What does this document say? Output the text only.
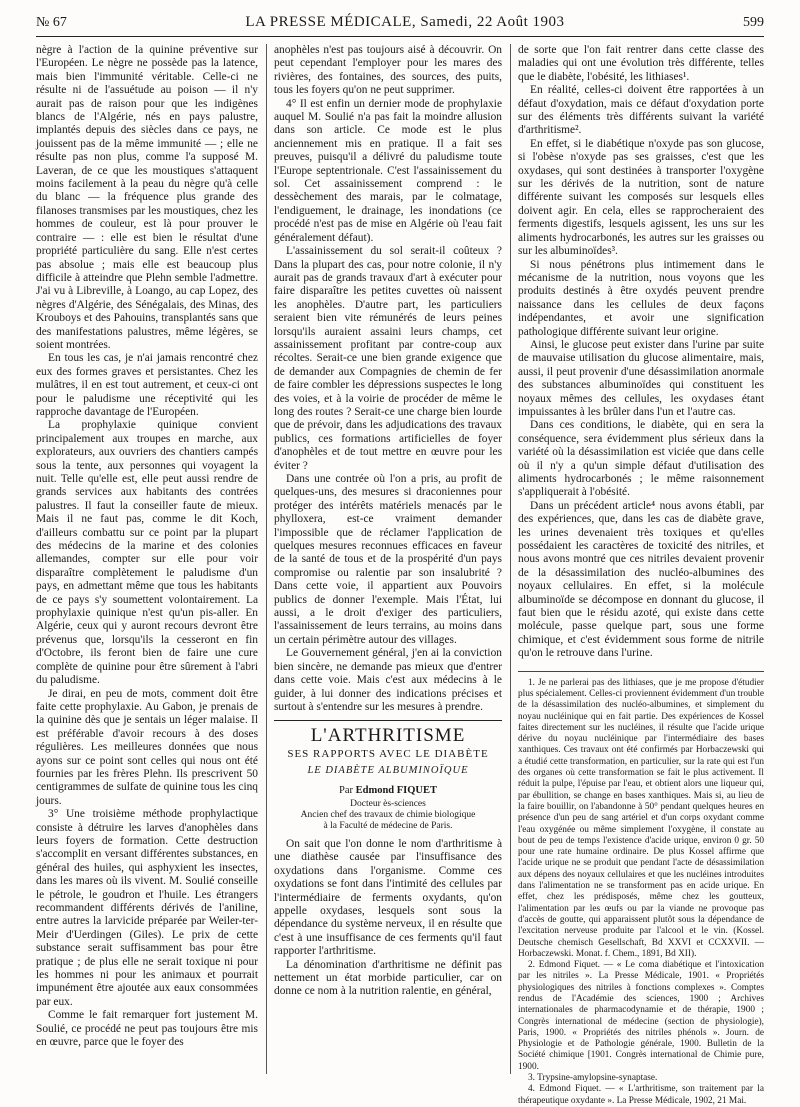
№ 67	LA PRESSE MÉDICALE, Samedi, 22 Août 1903	599

nègre à l'action de la quinine préventive sur l'Européen. Le nègre ne possède pas la latence, mais bien l'immunité véritable. Celle-ci ne résulte ni de l'assuétude au poison — il n'y aurait pas de raison pour que les indigènes blancs de l'Algérie, nés en pays palustre, implantés depuis des siècles dans ce pays, ne jouissent pas de la même immunité — ; elle ne résulte pas non plus, comme l'a supposé M. Laveran, de ce que les moustiques s'attaquent moins facilement à la peau du nègre qu'à celle du blanc — la fréquence plus grande des filanoses transmises par les moustiques, chez les hommes de couleur, est là pour prouver le contraire — : elle est bien le résultat d'une propriété particulière du sang. Elle n'est certes pas absolue ; mais elle est beaucoup plus difficile à atteindre que Plehn semble l'admettre. J'ai vu à Libreville, à Loango, au cap Lopez, des nègres d'Algérie, des Sénégalais, des Minas, des Krouboys et des Pahouins, transplantés sans que des manifestations palustres, même légères, se soient montrées.

En tous les cas, je n'ai jamais rencontré chez eux des formes graves et persistantes. Chez les mulâtres, il en est tout autrement, et ceux-ci ont pour le paludisme une réceptivité qui les rapproche davantage de l'Européen.

La prophylaxie quinique convient principalement aux troupes en marche, aux explorateurs, aux ouvriers des chantiers campés sous la tente, aux personnes qui voyagent la nuit. Telle qu'elle est, elle peut aussi rendre de grands services aux habitants des contrées palustres. Il faut la conseiller faute de mieux. Mais il ne faut pas, comme le dit Koch, d'ailleurs combattu sur ce point par la plupart des médecins de la marine et des colonies allemandes, compter sur elle pour voir disparaître complètement le paludisme d'un pays, en admettant même que tous les habitants de ce pays s'y soumettent volontairement. La prophylaxie quinique n'est qu'un pis-aller. En Algérie, ceux qui y auront recours devront être prévenus que, lorsqu'ils la cesseront en fin d'Octobre, ils feront bien de faire une cure complète de quinine pour être sûrement à l'abri du paludisme.

Je dirai, en peu de mots, comment doit être faite cette prophylaxie. Au Gabon, je prenais de la quinine dès que je sentais un léger malaise. Il est préférable d'avoir recours à des doses régulières. Les meilleures données que nous ayons sur ce point sont celles qui nous ont été fournies par les frères Plehn. Ils prescrivent 50 centigrammes de sulfate de quinine tous les cinq jours.

3° Une troisième méthode prophylactique consiste à détruire les larves d'anophèles dans leurs foyers de formation. Cette destruction s'accomplit en versant différentes substances, en général des huiles, qui asphyxient les insectes, dans les mares où ils vivent. M. Soulié conseille le pétrole, le goudron et l'huile. Les étrangers recommandent différents dérivés de l'aniline, entre autres la larvicide préparée par Weiler-ter-Meir d'Uerdingen (Giles). Le prix de cette substance serait suffisamment bas pour être pratique ; de plus elle ne serait toxique ni pour les hommes ni pour les animaux et pourrait impunément être ajoutée aux eaux consommées par eux.

Comme le fait remarquer fort justement M. Soulié, ce procédé ne peut pas toujours être mis en œuvre, parce que le foyer des

anophèles n'est pas toujours aisé à découvrir. On peut cependant l'employer pour les mares des rivières, des fontaines, des sources, des puits, tous les foyers qu'on ne peut supprimer.

4° Il est enfin un dernier mode de prophylaxie auquel M. Soulié n'a pas fait la moindre allusion dans son article. Ce mode est le plus anciennement mis en pratique. Il a fait ses preuves, puisqu'il a délivré du paludisme toute l'Europe septentrionale. C'est l'assainissement du sol. Cet assainissement comprend : le dessèchement des marais, par le colmatage, l'endiguement, le drainage, les inondations (ce procédé n'est pas de mise en Algérie où l'eau fait généralement défaut).

L'assainissement du sol serait-il coûteux ? Dans la plupart des cas, pour notre colonie, il n'y aurait pas de grands travaux d'art à exécuter pour faire disparaître les petites cuvettes où naissent les anophèles. D'autre part, les particuliers seraient bien vite rémunérés de leurs peines lorsqu'ils auraient assaini leurs champs, cet assainissement profitant par contre-coup aux récoltes. Serait-ce une bien grande exigence que de demander aux Compagnies de chemin de fer de faire combler les dépressions suspectes le long des voies, et à la voirie de procéder de même le long des routes ? Serait-ce une charge bien lourde que de prévoir, dans les adjudications des travaux publics, ces formations artificielles de foyer d'anophèles et de tout mettre en œuvre pour les éviter ?

Dans une contrée où l'on a pris, au profit de quelques-uns, des mesures si draconiennes pour protéger des intérêts matériels menacés par le phylloxera, est-ce vraiment demander l'impossible que de réclamer l'application de quelques mesures reconnues efficaces en faveur de la santé de tous et de la prospérité d'un pays compromise ou ralentie par son insalubrité ? Dans cette voie, il appartient aux Pouvoirs publics de donner l'exemple. Mais l'État, lui aussi, a le droit d'exiger des particuliers, l'assainissement de leurs terrains, au moins dans un certain périmètre autour des villages.

Le Gouvernement général, j'en ai la conviction bien sincère, ne demande pas mieux que d'entrer dans cette voie. Mais c'est aux médecins à le guider, à lui donner des indications précises et surtout à s'entendre sur les mesures à prendre.

L'ARTHRITISME
SES RAPPORTS AVEC LE DIABÈTE
LE DIABÈTE ALBUMINOÏQUE
Par Edmond FIQUET
Docteur ès-sciences
Ancien chef des travaux de chimie biologique
à la Faculté de médecine de Paris.

On sait que l'on donne le nom d'arthritisme à une diathèse causée par l'insuffisance des oxydations dans l'organisme. Comme ces oxydations se font dans l'intimité des cellules par l'intermédiaire de ferments oxydants, qu'on appelle oxydases, lesquels sont sous la dépendance du système nerveux, il en résulte que c'est à une insuffisance de ces ferments qu'il faut rapporter l'arthritisme.

La dénomination d'arthritisme ne définit pas nettement un état morbide particulier, car on donne ce nom à la nutrition ralentie, en général,

de sorte que l'on fait rentrer dans cette classe des maladies qui ont une évolution très différente, telles que le diabète, l'obésité, les lithiases¹.

En réalité, celles-ci doivent être rapportées à un défaut d'oxydation, mais ce défaut d'oxydation porte sur des éléments très différents suivant la variété d'arthritisme².

En effet, si le diabétique n'oxyde pas son glucose, si l'obèse n'oxyde pas ses graisses, c'est que les oxydases, qui sont destinées à transporter l'oxygène sur les dérivés de la nutrition, sont de nature différente suivant les composés sur lesquels elles doivent agir. En cela, elles se rapprocheraient des ferments digestifs, lesquels agissent, les uns sur les aliments hydrocarbonés, les autres sur les graisses ou sur les albuminoïdes³.

Si nous pénétrons plus intimement dans le mécanisme de la nutrition, nous voyons que les produits destinés à être oxydés peuvent prendre naissance dans les cellules de deux façons indépendantes, et avoir une signification pathologique différente suivant leur origine.

Ainsi, le glucose peut exister dans l'urine par suite de mauvaise utilisation du glucose alimentaire, mais, aussi, il peut provenir d'une désassimilation anormale des substances albuminoïdes qui constituent les noyaux mêmes des cellules, les oxydases étant impuissantes à les brûler dans l'un et l'autre cas.

Dans ces conditions, le diabète, qui en sera la conséquence, sera évidemment plus sérieux dans la variété où la désassimilation est viciée que dans celle où il n'y a qu'un simple défaut d'utilisation des aliments hydrocarbonés ; le même raisonnement s'appliquerait à l'obésité.

Dans un précédent article⁴ nous avons établi, par des expériences, que, dans les cas de diabète grave, les urines devenaient très toxiques et qu'elles possédaient les caractères de toxicité des nitriles, et nous avons montré que ces nitriles devaient provenir de la désassimilation des nucléo-albumines des noyaux cellulaires. En effet, si la molécule albuminoïde se décompose en donnant du glucose, il faut bien que le résidu azoté, qui existe dans cette molécule, passe quelque part, sous une forme chimique, et c'est évidemment sous forme de nitrile qu'on le retrouve dans l'urine.

1. Je ne parlerai pas des lithiases, que je me propose d'étudier plus spécialement. Celles-ci proviennent évidemment d'un trouble de la désassimilation des nucléo-albumines, et simplement du noyau nucléinique qui en fait partie. Des expériences de Kossel faites directement sur les nucléines, il résulte que l'acide urique dérive du noyau nucléinique par l'intermédiaire des bases xanthiques. Ces travaux ont été confirmés par Horbaczewski qui a étudié cette transformation, en particulier, sur la rate qui est l'un des organes où cette transformation se fait le plus activement. Il réduit la pulpe, l'épuise par l'eau, et obtient alors une liqueur qui, par ébullition, se change en bases xanthiques. Mais si, au lieu de la faire bouillir, on l'abandonne à 50° pendant quelques heures en présence d'un peu de sang artériel et d'un corps oxydant comme l'eau oxygénée ou même simplement l'oxygène, il constate au bout de peu de temps l'existence d'acide urique, environ 0 gr. 50 pour une rate humaine ordinaire. De plus Kossel affirme que l'acide urique ne se produit que pendant l'acte de désassimilation aux dépens des noyaux cellulaires et que les nucléines introduites dans l'alimentation ne se transforment pas en acide urique. En effet, chez les prédisposés, même chez les goutteux, l'alimentation par les œufs ou par la viande ne provoque pas d'accès de goutte, qui apparaissent plutôt sous la dépendance de l'excitation nerveuse produite par l'alcool et le vin. (Kossel. Deutsche chemisch Gesellschaft, Bd XXVI et CCXXVII. — Horbaczewski. Monat. f. Chem., 1891, Bd XII).

2. Edmond Fiquet. — « Le coma diabétique et l'intoxication par les nitriles ». La Presse Médicale, 1901. « Propriétés physiologiques des nitriles à fonctions complexes ». Comptes rendus de l'Académie des sciences, 1900 ; Archives internationales de pharmacodynamie et de thérapie, 1900 ; Congrès international de médecine (section de physiologie), Paris, 1900. « Propriétés des nitriles phénols ». Journ. de Physiologie et de Pathologie générale, 1900. Bulletin de la Société chimique [1901. Congrès international de Chimie pure, 1900.

3. Trypsine-amylopsine-synaptase.

4. Edmond Fiquet. — « L'arthritisme, son traitement par la thérapeutique oxydante ». La Presse Médicale, 1902, 21 Mai.
